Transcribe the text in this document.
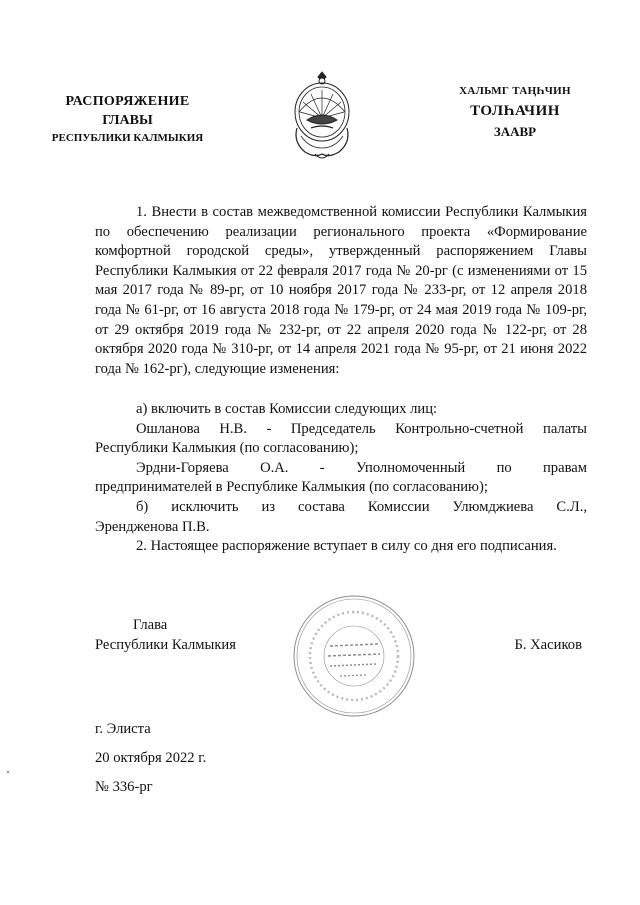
РАСПОРЯЖЕНИЕ
ГЛАВЫ
РЕСПУБЛИКИ КАЛМЫКИЯ
ХАЛЬМГ ТАҢҺЧИН
ТОЛҺАЧИН
ЗААВР
1. Внести в состав межведомственной комиссии Республики Калмыкия по обеспечению реализации регионального проекта «Формирование комфортной городской среды», утвержденный распоряжением Главы Республики Калмыкия от 22 февраля 2017 года № 20-рг (с изменениями от 15 мая 2017 года № 89-рг, от 10 ноября 2017 года № 233-рг, от 12 апреля 2018 года № 61-рг, от 16 августа 2018 года № 179-рг, от 24 мая 2019 года № 109-рг, от 29 октября 2019 года № 232-рг, от 22 апреля 2020 года № 122-рг, от 28 октября 2020 года № 310-рг, от 14 апреля 2021 года № 95-рг, от 21 июня 2022 года № 162-рг), следующие изменения:

а) включить в состав Комиссии следующих лиц:

Ошланова Н.В. - Председатель Контрольно-счетной палаты

Республики Калмыкия (по согласованию);

Эрдни-Горяева О.А. - Уполномоченный по правам

предпринимателей в Республике Калмыкия (по согласованию);

б) исключить из состава Комиссии Улюмджиева С.Л.,

Эрендженова П.В.

2. Настоящее распоряжение вступает в силу со дня его подписания.

Глава
Республики Калмыкия	Б. Хасиков
г. Элиста
20 октября 2022 г.
№ 336-рг
